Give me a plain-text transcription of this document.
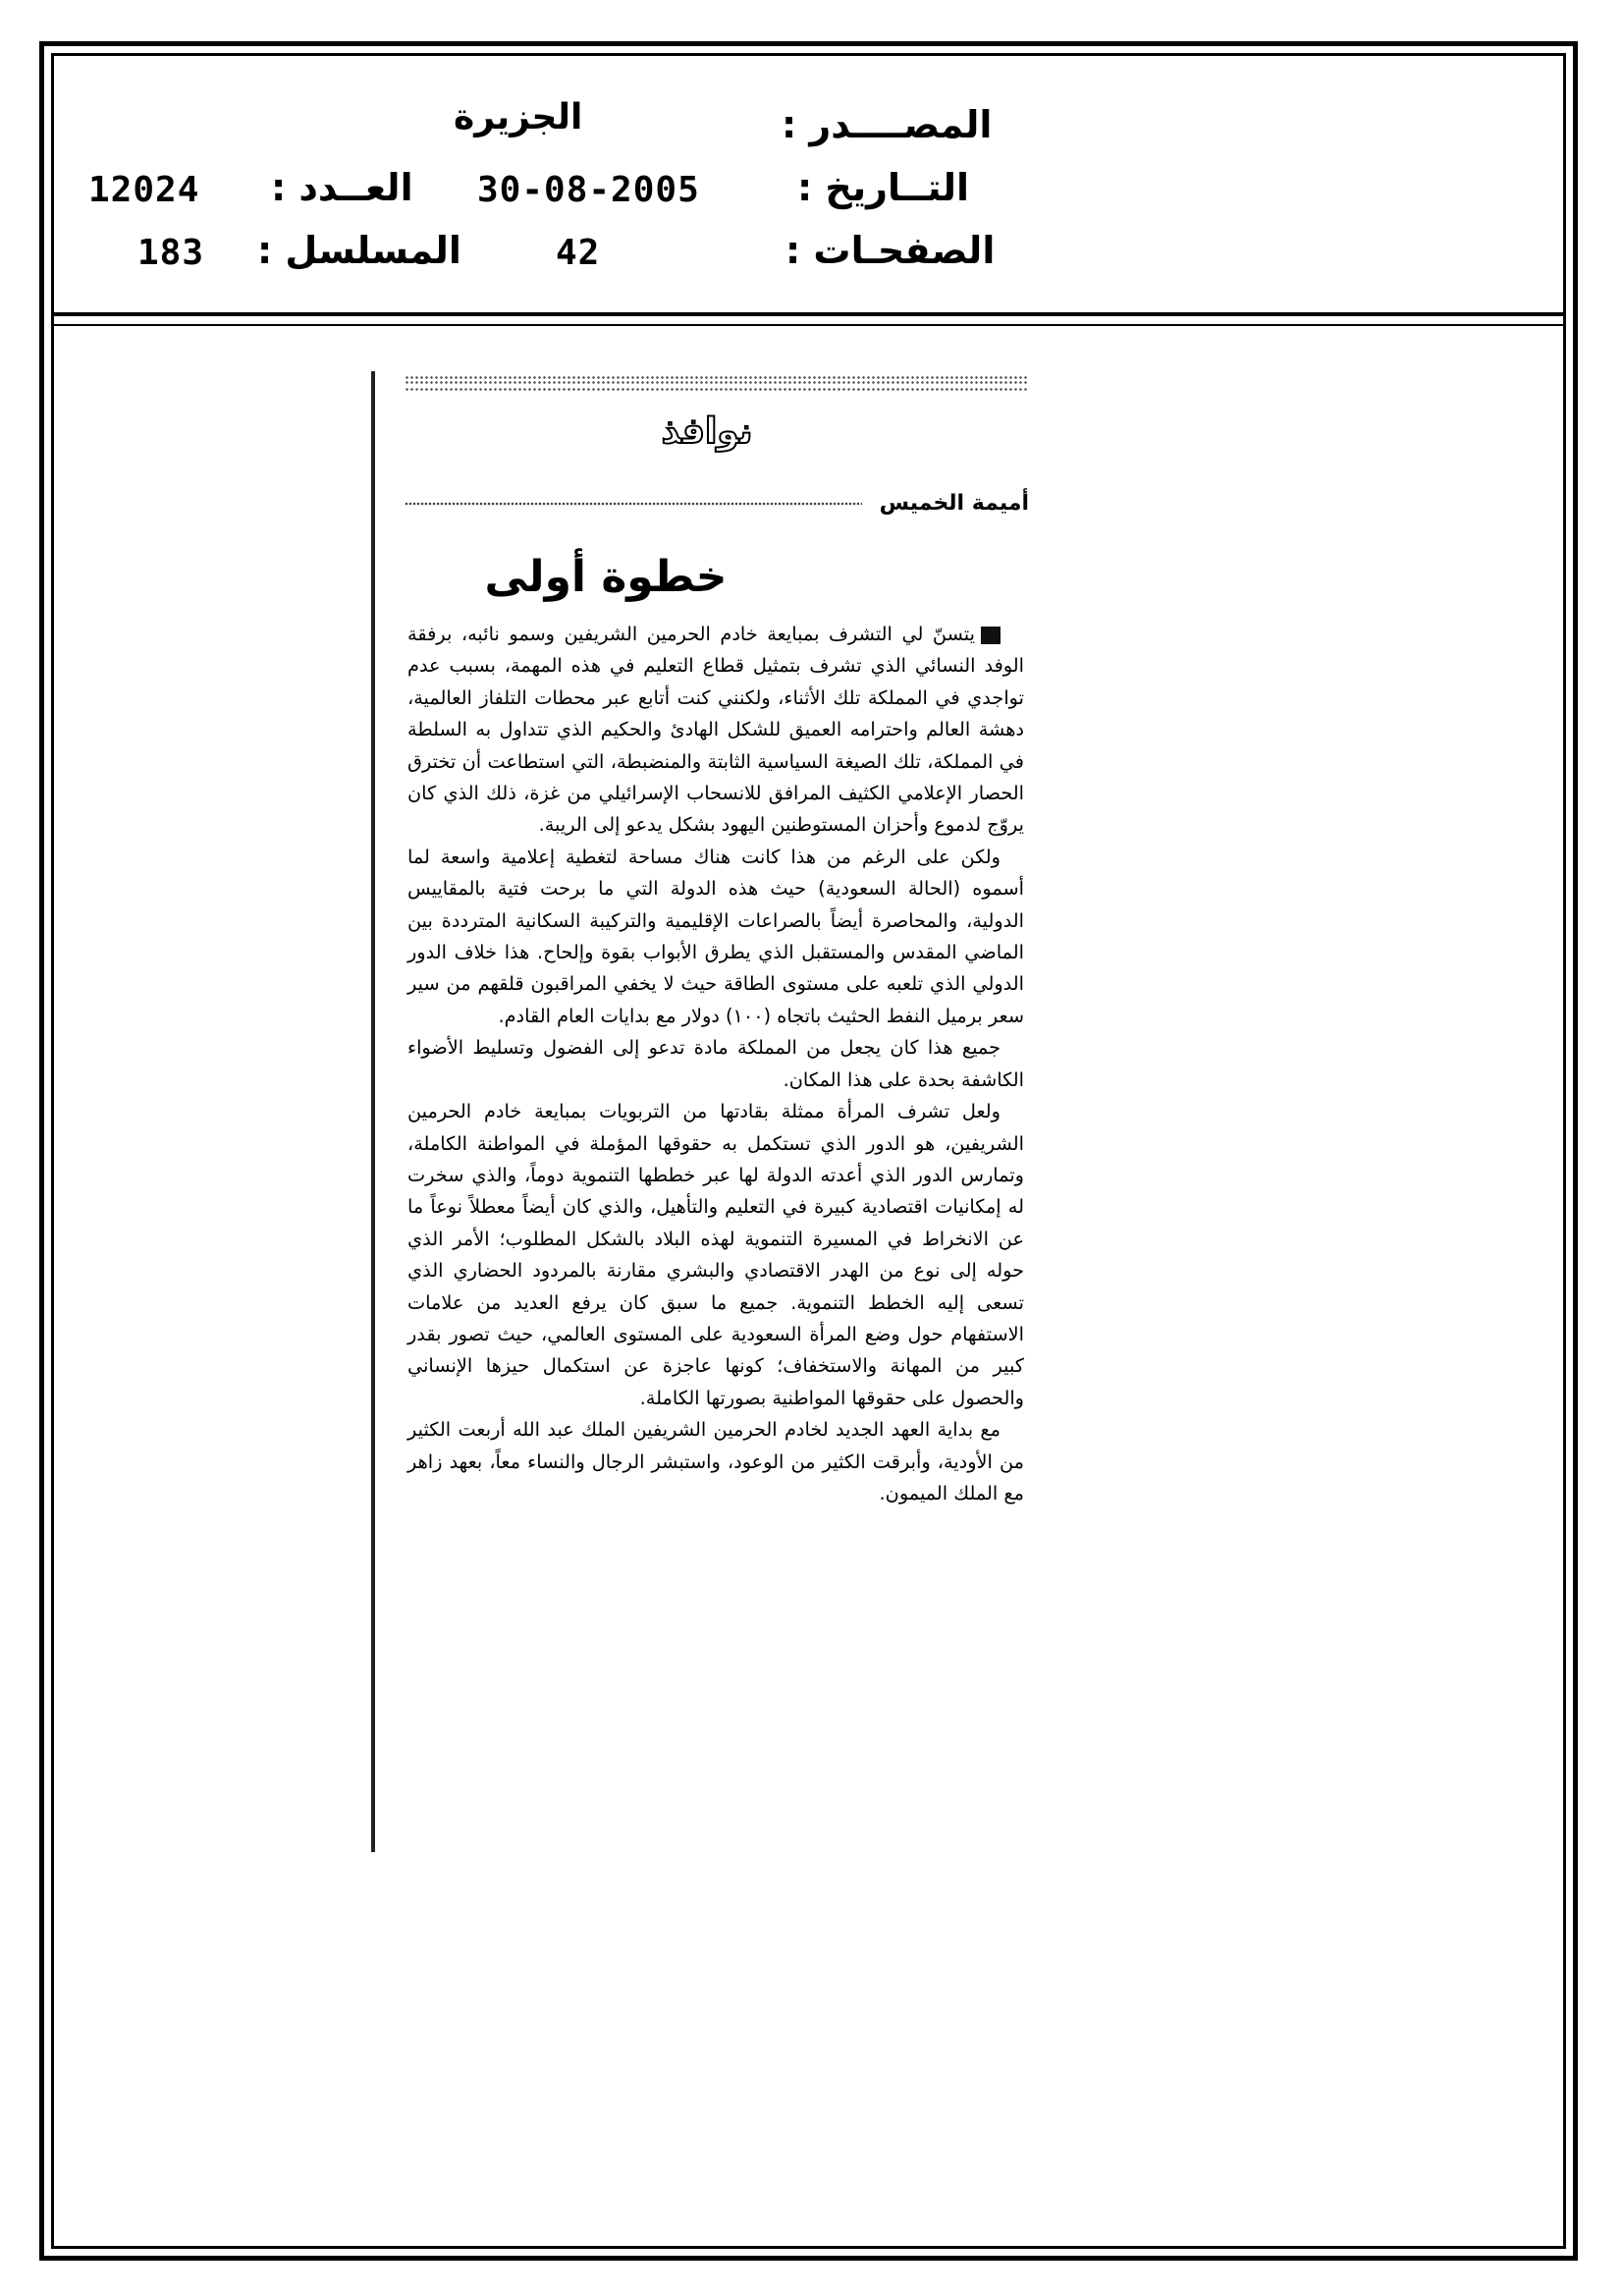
المصــــدر :
الجزيرة
التــاريخ :
30-08-2005
العــدد :
12024
الصفحـات :
42
المسلسل :
183
نوافذ
أميمة الخميس
خطوة أولى

يتسنّ لي التشرف بمبايعة خادم الحرمين الشريفين وسمو نائبه، برفقة الوفد النسائي الذي تشرف بتمثيل قطاع التعليم في هذه المهمة، بسبب عدم تواجدي في المملكة تلك الأثناء، ولكنني كنت أتابع عبر محطات التلفاز العالمية، دهشة العالم واحترامه العميق للشكل الهادئ والحكيم الذي تتداول به السلطة في المملكة، تلك الصيغة السياسية الثابتة والمنضبطة، التي استطاعت أن تخترق الحصار الإعلامي الكثيف المرافق للانسحاب الإسرائيلي من غزة، ذلك الذي كان يروّج لدموع وأحزان المستوطنين اليهود بشكل يدعو إلى الريبة.

ولكن على الرغم من هذا كانت هناك مساحة لتغطية إعلامية واسعة لما أسموه (الحالة السعودية) حيث هذه الدولة التي ما برحت فتية بالمقاييس الدولية، والمحاصرة أيضاً بالصراعات الإقليمية والتركيبة السكانية المترددة بين الماضي المقدس والمستقبل الذي يطرق الأبواب بقوة وإلحاح. هذا خلاف الدور الدولي الذي تلعبه على مستوى الطاقة حيث لا يخفي المراقبون قلقهم من سير سعر برميل النفط الحثيث باتجاه (١٠٠) دولار مع بدايات العام القادم.

جميع هذا كان يجعل من المملكة مادة تدعو إلى الفضول وتسليط الأضواء الكاشفة بحدة على هذا المكان.

ولعل تشرف المرأة ممثلة بقادتها من التربويات بمبايعة خادم الحرمين الشريفين، هو الدور الذي تستكمل به حقوقها المؤملة في المواطنة الكاملة، وتمارس الدور الذي أعدته الدولة لها عبر خططها التنموية دوماً، والذي سخرت له إمكانيات اقتصادية كبيرة في التعليم والتأهيل، والذي كان أيضاً معطلاً نوعاً ما عن الانخراط في المسيرة التنموية لهذه البلاد بالشكل المطلوب؛ الأمر الذي حوله إلى نوع من الهدر الاقتصادي والبشري مقارنة بالمردود الحضاري الذي تسعى إليه الخطط التنموية. جميع ما سبق كان يرفع العديد من علامات الاستفهام حول وضع المرأة السعودية على المستوى العالمي، حيث تصور بقدر كبير من المهانة والاستخفاف؛ كونها عاجزة عن استكمال حيزها الإنساني والحصول على حقوقها المواطنية بصورتها الكاملة.

مع بداية العهد الجديد لخادم الحرمين الشريفين الملك عبد الله أربعت الكثير من الأودية، وأبرقت الكثير من الوعود، واستبشر الرجال والنساء معاً، بعهد زاهر مع الملك الميمون.
